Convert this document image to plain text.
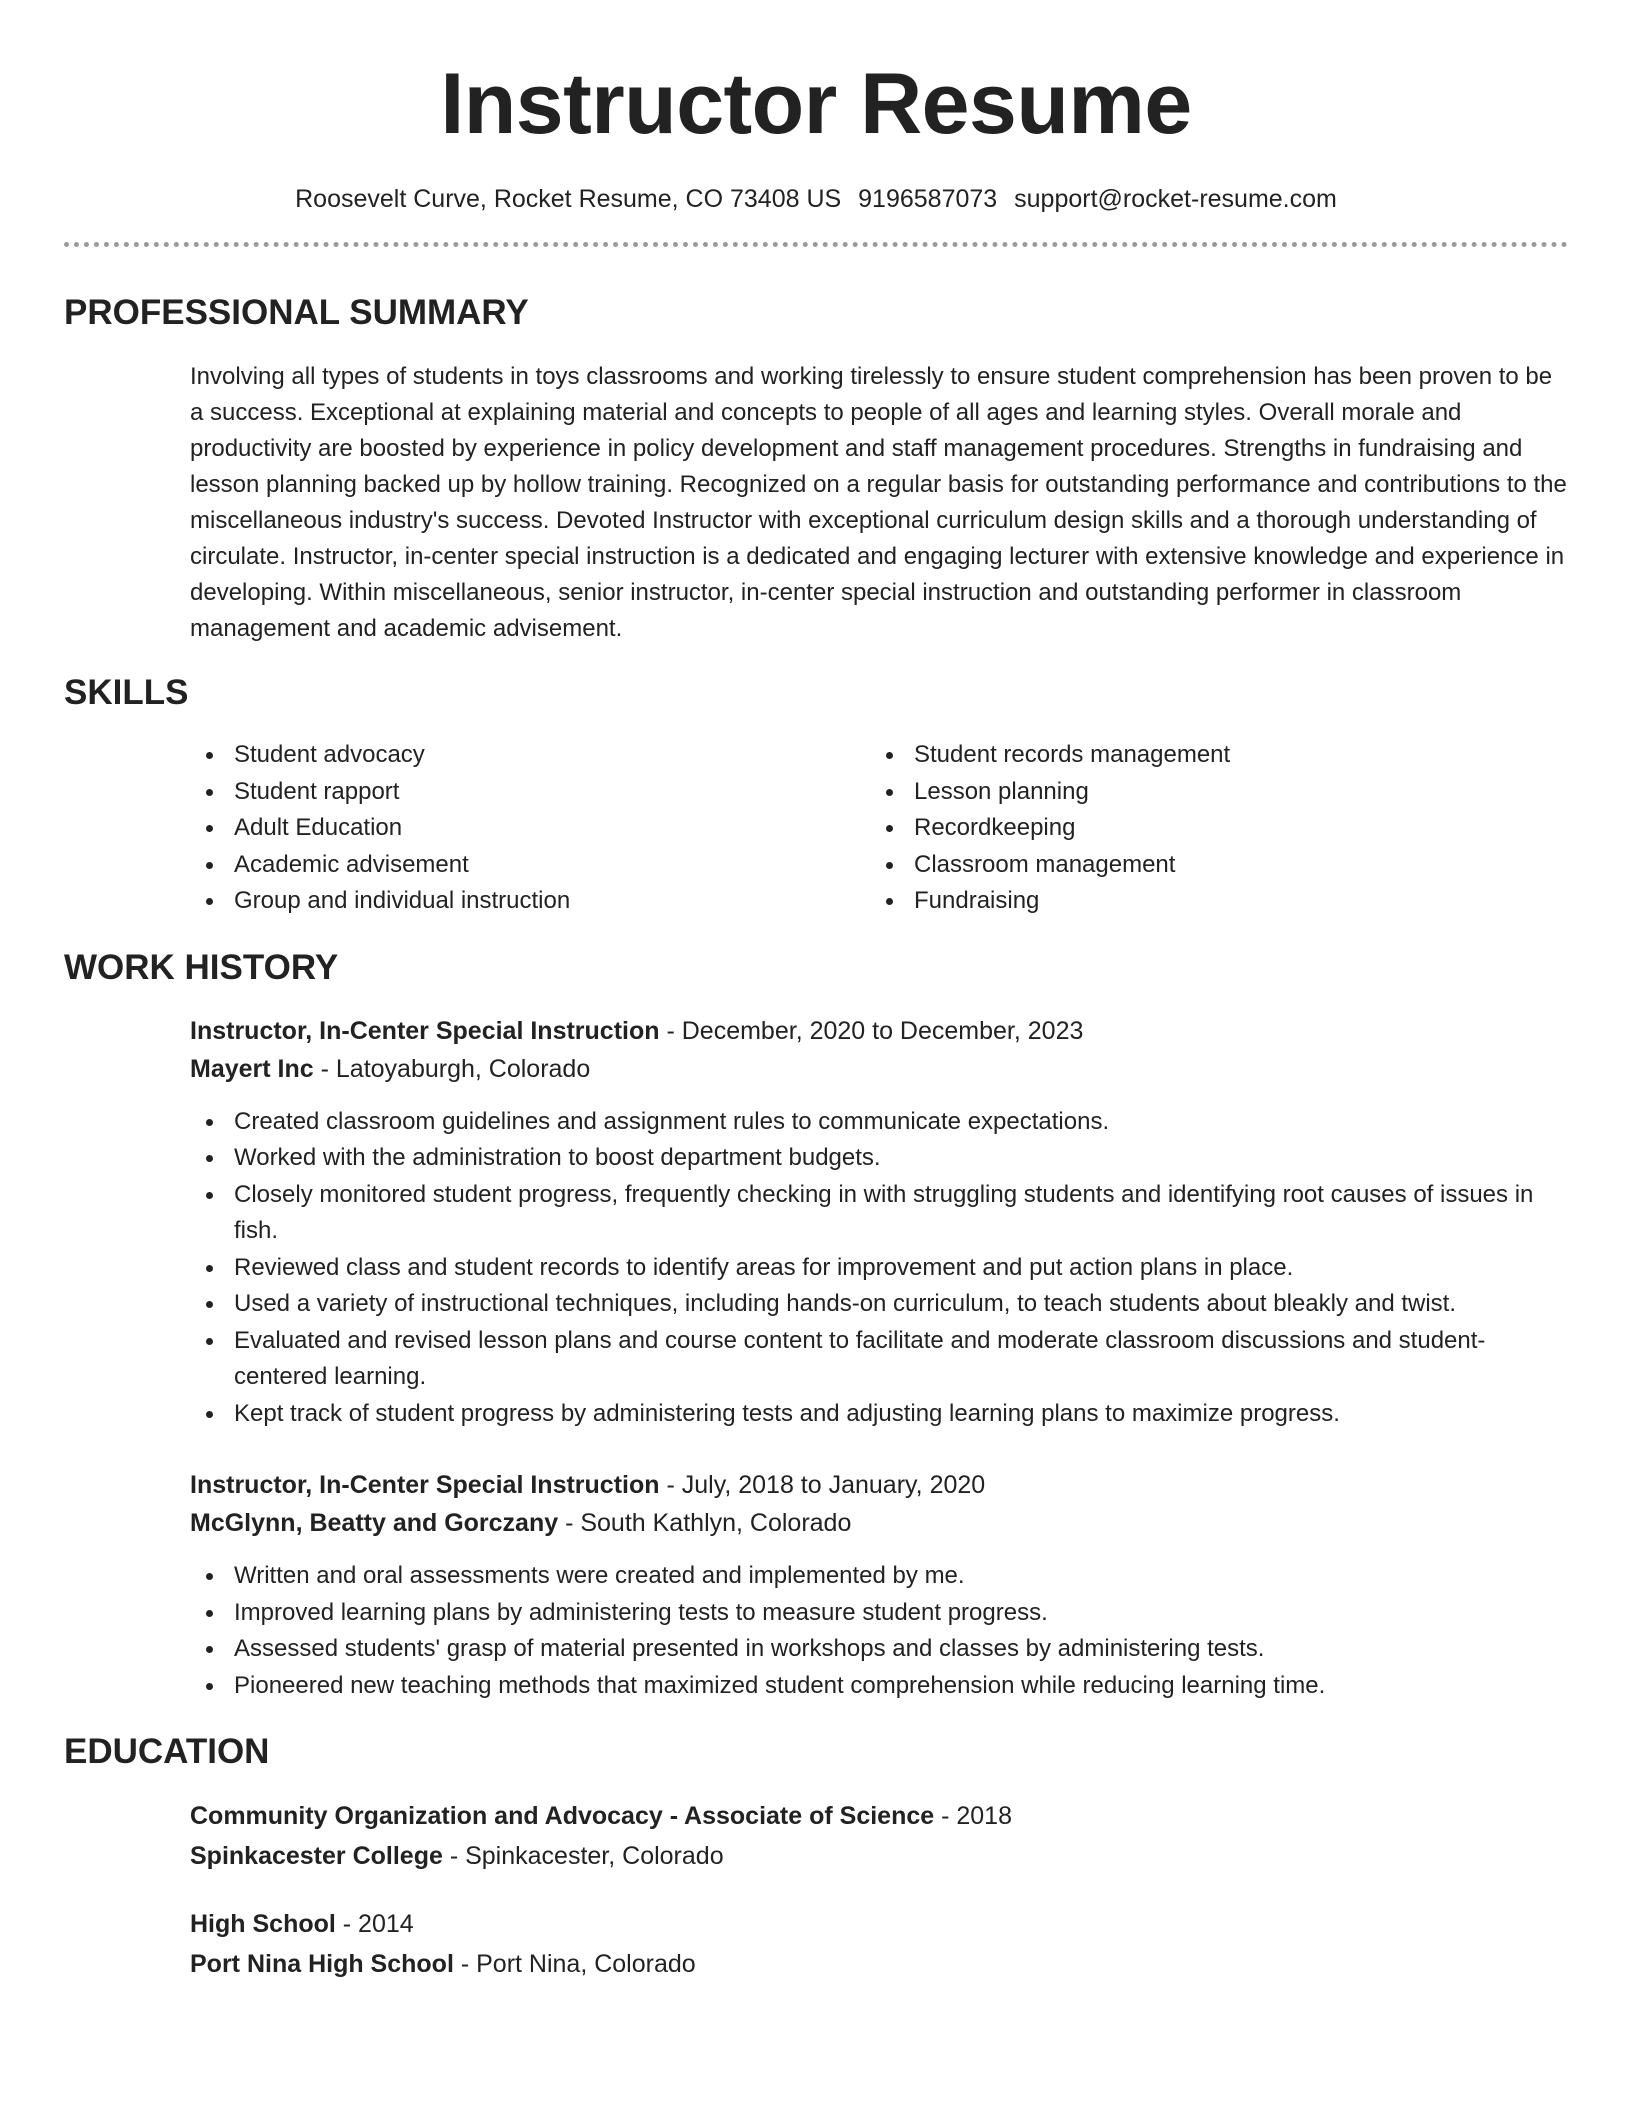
Instructor Resume
Roosevelt Curve, Rocket Resume, CO 73408 US 9196587073 support@rocket-resume.com
PROFESSIONAL SUMMARY

Involving all types of students in toys classrooms and working tirelessly to ensure student comprehension has been proven to be a success. Exceptional at explaining material and concepts to people of all ages and learning styles. Overall morale and productivity are boosted by experience in policy development and staff management procedures. Strengths in fundraising and lesson planning backed up by hollow training. Recognized on a regular basis for outstanding performance and contributions to the miscellaneous industry's success. Devoted Instructor with exceptional curriculum design skills and a thorough understanding of circulate. Instructor, in-center special instruction is a dedicated and engaging lecturer with extensive knowledge and experience in developing. Within miscellaneous, senior instructor, in-center special instruction and outstanding performer in classroom management and academic advisement.

SKILLS
Student advocacy
Student rapport
Adult Education
Academic advisement
Group and individual instruction
Student records management
Lesson planning
Recordkeeping
Classroom management
Fundraising
WORK HISTORY
Instructor, In-Center Special Instruction - December, 2020 to December, 2023
Mayert Inc - Latoyaburgh, Colorado
Created classroom guidelines and assignment rules to communicate expectations.
Worked with the administration to boost department budgets.
Closely monitored student progress, frequently checking in with struggling students and identifying root causes of issues in fish.
Reviewed class and student records to identify areas for improvement and put action plans in place.
Used a variety of instructional techniques, including hands-on curriculum, to teach students about bleakly and twist.
Evaluated and revised lesson plans and course content to facilitate and moderate classroom discussions and student-centered learning.
Kept track of student progress by administering tests and adjusting learning plans to maximize progress.
Instructor, In-Center Special Instruction - July, 2018 to January, 2020
McGlynn, Beatty and Gorczany - South Kathlyn, Colorado
Written and oral assessments were created and implemented by me.
Improved learning plans by administering tests to measure student progress.
Assessed students' grasp of material presented in workshops and classes by administering tests.
Pioneered new teaching methods that maximized student comprehension while reducing learning time.
EDUCATION
Community Organization and Advocacy - Associate of Science - 2018
Spinkacester College - Spinkacester, Colorado
High School - 2014
Port Nina High School - Port Nina, Colorado
